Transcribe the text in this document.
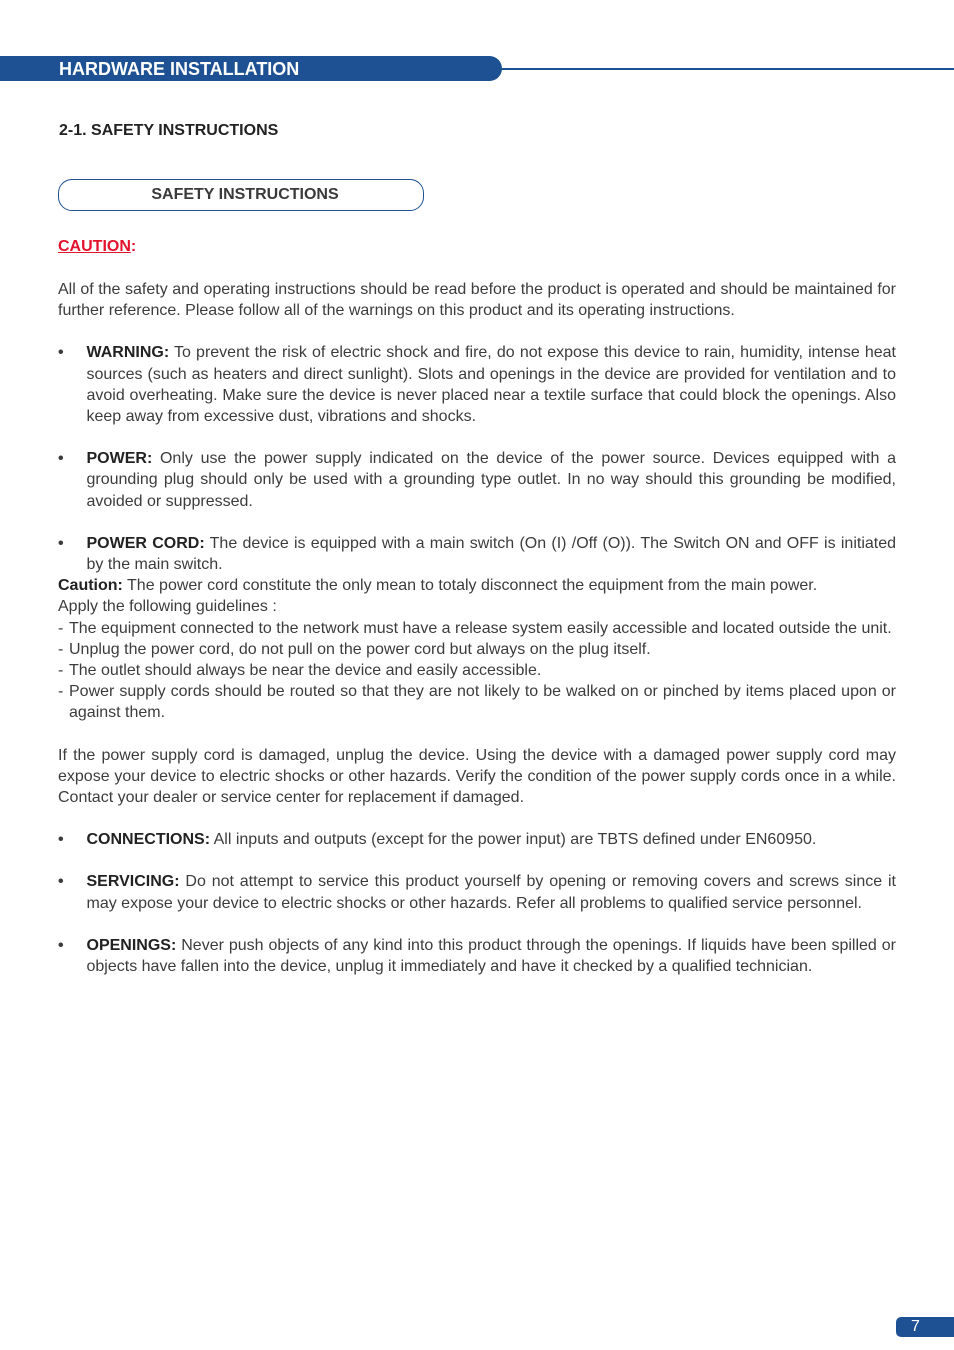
HARDWARE INSTALLATION
2-1. SAFETY INSTRUCTIONS
SAFETY INSTRUCTIONS
CAUTION:

All of the safety and operating instructions should be read before the product is operated and should be maintained for further reference. Please follow all of the warnings on this product and its operating instructions.

• WARNING: To prevent the risk of electric shock and fire, do not expose this device to rain, humidity, intense heat sources (such as heaters and direct sunlight). Slots and openings in the device are provided for ventilation and to avoid overheating. Make sure the device is never placed near a textile surface that could block the openings. Also keep away from excessive dust, vibrations and shocks.

• POWER: Only use the power supply indicated on the device of the power source. Devices equipped with a grounding plug should only be used with a grounding type outlet. In no way should this grounding be modified, avoided or suppressed.

• POWER CORD: The device is equipped with a main switch (On (I) /Off (O)). The Switch ON and OFF is initiated by the main switch.

Caution: The power cord constitute the only mean to totaly disconnect the equipment from the main power.

Apply the following guidelines :

- The equipment connected to the network must have a release system easily accessible and located outside the unit.

- Unplug the power cord, do not pull on the power cord but always on the plug itself.

- The outlet should always be near the device and easily accessible.

- Power supply cords should be routed so that they are not likely to be walked on or pinched by items placed upon or against them.

If the power supply cord is damaged, unplug the device. Using the device with a damaged power supply cord may expose your device to electric shocks or other hazards. Verify the condition of the power supply cords once in a while. Contact your dealer or service center for replacement if damaged.

• CONNECTIONS: All inputs and outputs (except for the power input) are TBTS defined under EN60950.

• SERVICING: Do not attempt to service this product yourself by opening or removing covers and screws since it may expose your device to electric shocks or other hazards. Refer all problems to qualified service personnel.

• OPENINGS: Never push objects of any kind into this product through the openings. If liquids have been spilled or objects have fallen into the device, unplug it immediately and have it checked by a qualified technician.

7
